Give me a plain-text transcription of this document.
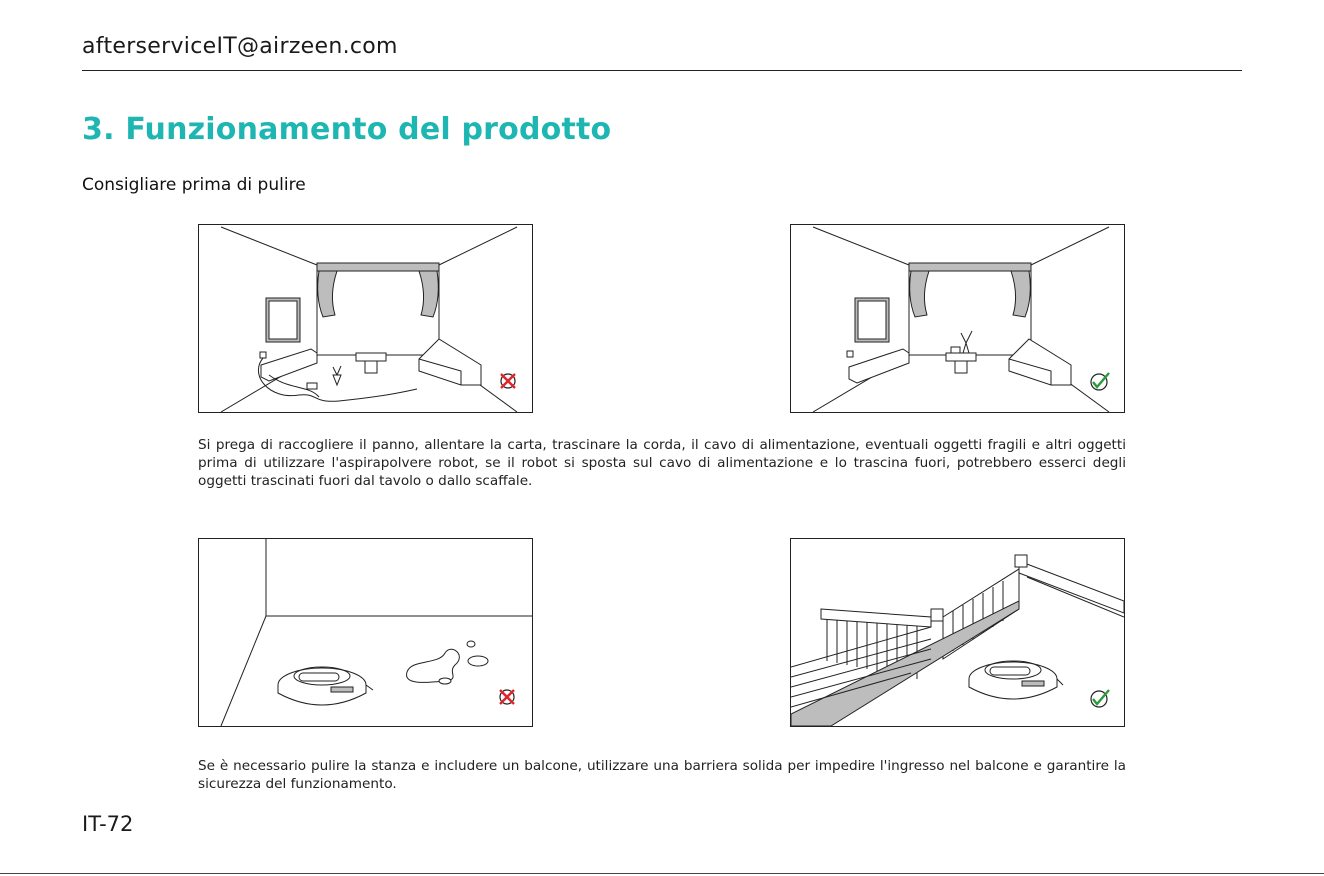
afterserviceIT@airzeen.com
3. Funzionamento del prodotto
Consigliare prima di pulire

Si prega di raccogliere il panno, allentare la carta, trascinare la corda, il cavo di alimentazione, eventuali oggetti fragili e altri oggetti prima di utilizzare l'aspirapolvere robot, se il robot si sposta sul cavo di alimentazione e lo trascina fuori, potrebbero esserci degli oggetti trascinati fuori dal tavolo o dallo scaffale.

Se è necessario pulire la stanza e includere un balcone, utilizzare una barriera solida per impedire l'ingresso nel balcone e garantire la sicurezza del funzionamento.

IT-72
